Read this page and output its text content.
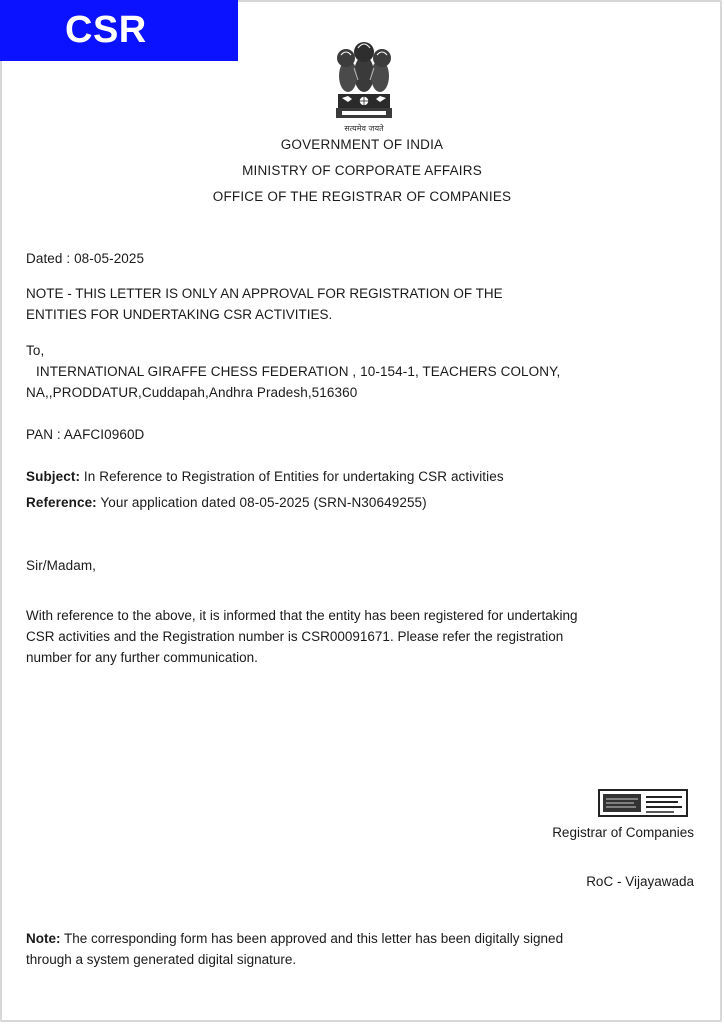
CSR
सत्यमेव जयते
GOVERNMENT OF INDIA
MINISTRY OF CORPORATE AFFAIRS
OFFICE OF THE REGISTRAR OF COMPANIES
Dated : 08-05-2025
NOTE - THIS LETTER IS ONLY AN APPROVAL FOR REGISTRATION OF THE
ENTITIES FOR UNDERTAKING CSR ACTIVITIES.
To,
INTERNATIONAL GIRAFFE CHESS FEDERATION , 10-154-1, TEACHERS COLONY,
NA,,PRODDATUR,Cuddapah,Andhra Pradesh,516360
PAN : AAFCI0960D
Subject: In Reference to Registration of Entities for undertaking CSR activities
Reference: Your application dated 08-05-2025 (SRN-N30649255)
Sir/Madam,
With reference to the above, it is informed that the entity has been registered for undertaking
CSR activities and the Registration number is CSR00091671. Please refer the registration
number for any further communication.
Registrar of Companies
RoC - Vijayawada
Note: The corresponding form has been approved and this letter has been digitally signed
through a system generated digital signature.
